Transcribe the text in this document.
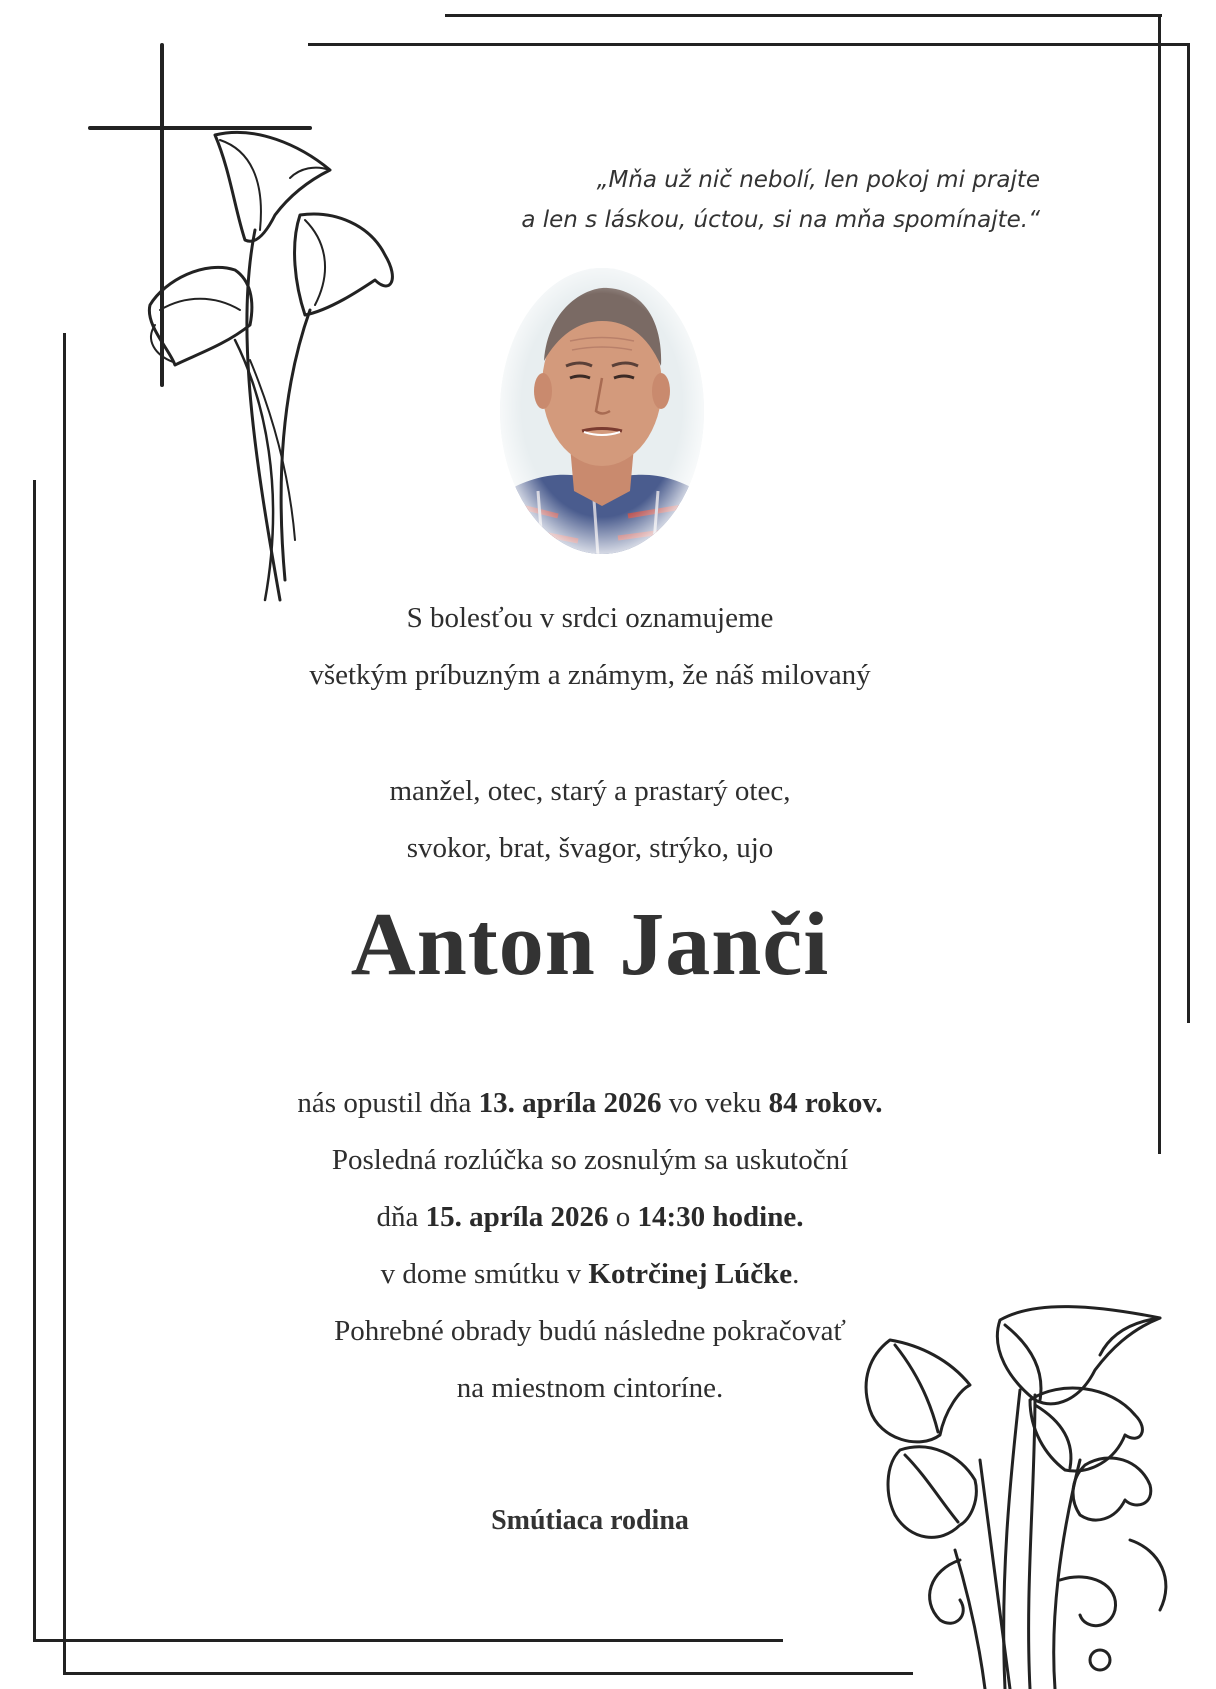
„Mňa už nič nebolí, len pokoj mi prajte
a len s láskou, úctou, si na mňa spomínajte.“
S bolesťou v srdci oznamujeme
všetkým príbuzným a známym, že náš milovaný
manžel, otec, starý a prastarý otec,
svokor, brat, švagor, strýko, ujo
Anton Janči
nás opustil dňa 13. apríla 2026 vo veku 84 rokov.
Posledná rozlúčka so zosnulým sa uskutoční
dňa 15. apríla 2026 o 14:30 hodine.
v dome smútku v Kotrčinej Lúčke.
Pohrebné obrady budú následne pokračovať
na miestnom cintoríne.
Smútiaca rodina
